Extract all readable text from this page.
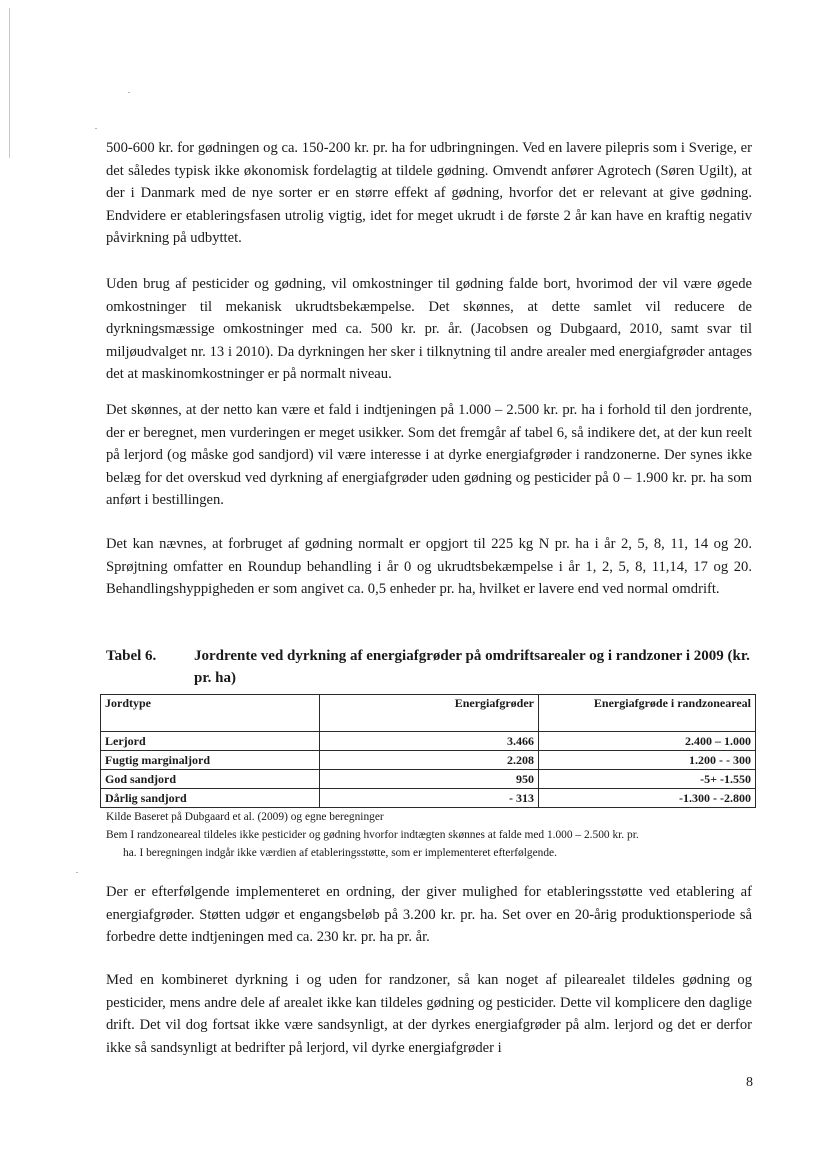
500-600 kr. for gødningen og ca. 150-200 kr. pr. ha for udbringningen. Ved en lavere pilepris som i Sverige, er det således typisk ikke økonomisk fordelagtig at tildele gødning. Omvendt anfører Agrotech (Søren Ugilt), at der i Danmark med de nye sorter er en større effekt af gødning, hvorfor det er relevant at give gødning. Endvidere er etableringsfasen utrolig vigtig, idet for meget ukrudt i de første 2 år kan have en kraftig negativ påvirkning på udbyttet.

Uden brug af pesticider og gødning, vil omkostninger til gødning falde bort, hvorimod der vil være øgede omkostninger til mekanisk ukrudtsbekæmpelse. Det skønnes, at dette samlet vil reducere de dyrkningsmæssige omkostninger med ca. 500 kr. pr. år. (Jacobsen og Dubgaard, 2010, samt svar til miljøudvalget nr. 13 i 2010). Da dyrkningen her sker i tilknytning til andre arealer med energiafgrøder antages det at maskinomkostninger er på normalt niveau.

Det skønnes, at der netto kan være et fald i indtjeningen på 1.000 – 2.500 kr. pr. ha i forhold til den jordrente, der er beregnet, men vurderingen er meget usikker. Som det fremgår af tabel 6, så indikere det, at der kun reelt på lerjord (og måske god sandjord) vil være interesse i at dyrke energiafgrøder i randzonerne. Der synes ikke belæg for det overskud ved dyrkning af energiafgrøder uden gødning og pesticider på 0 – 1.900 kr. pr. ha som anført i bestillingen.

Det kan nævnes, at forbruget af gødning normalt er opgjort til 225 kg N pr. ha i år 2, 5, 8, 11, 14 og 20. Sprøjtning omfatter en Roundup behandling i år 0 og ukrudtsbekæmpelse i år 1, 2, 5, 8, 11,14, 17 og 20. Behandlingshyppigheden er som angivet ca. 0,5 enheder pr. ha, hvilket er lavere end ved normal omdrift.

Tabel 6.	Jordrente ved dyrkning af energiafgrøder på omdriftsarealer og i randzoner i 2009 (kr. pr. ha)
Jordtype	Energiafgrøder	Energiafgrøde i randzoneareal
Lerjord	3.466	2.400 – 1.000
Fugtig marginaljord	2.208	1.200 - - 300
God sandjord	950	-5+ -1.550
Dårlig sandjord	- 313	-1.300 - -2.800
Kilde Baseret på Dubgaard et al. (2009) og egne beregninger
Bem I randzoneareal tildeles ikke pesticider og gødning hvorfor indtægten skønnes at falde med 1.000 – 2.500 kr. pr.
ha. I beregningen indgår ikke værdien af etableringsstøtte, som er implementeret efterfølgende.

Der er efterfølgende implementeret en ordning, der giver mulighed for etableringsstøtte ved etablering af energiafgrøder. Støtten udgør et engangsbeløb på 3.200 kr. pr. ha. Set over en 20-årig produktionsperiode så forbedre dette indtjeningen med ca. 230 kr. pr. ha pr. år.

Med en kombineret dyrkning i og uden for randzoner, så kan noget af pilearealet tildeles gødning og pesticider, mens andre dele af arealet ikke kan tildeles gødning og pesticider. Dette vil komplicere den daglige drift. Det vil dog fortsat ikke være sandsynligt, at der dyrkes energiafgrøder på alm. lerjord og det er derfor ikke så sandsynligt at bedrifter på lerjord, vil dyrke energiafgrøder i

8
